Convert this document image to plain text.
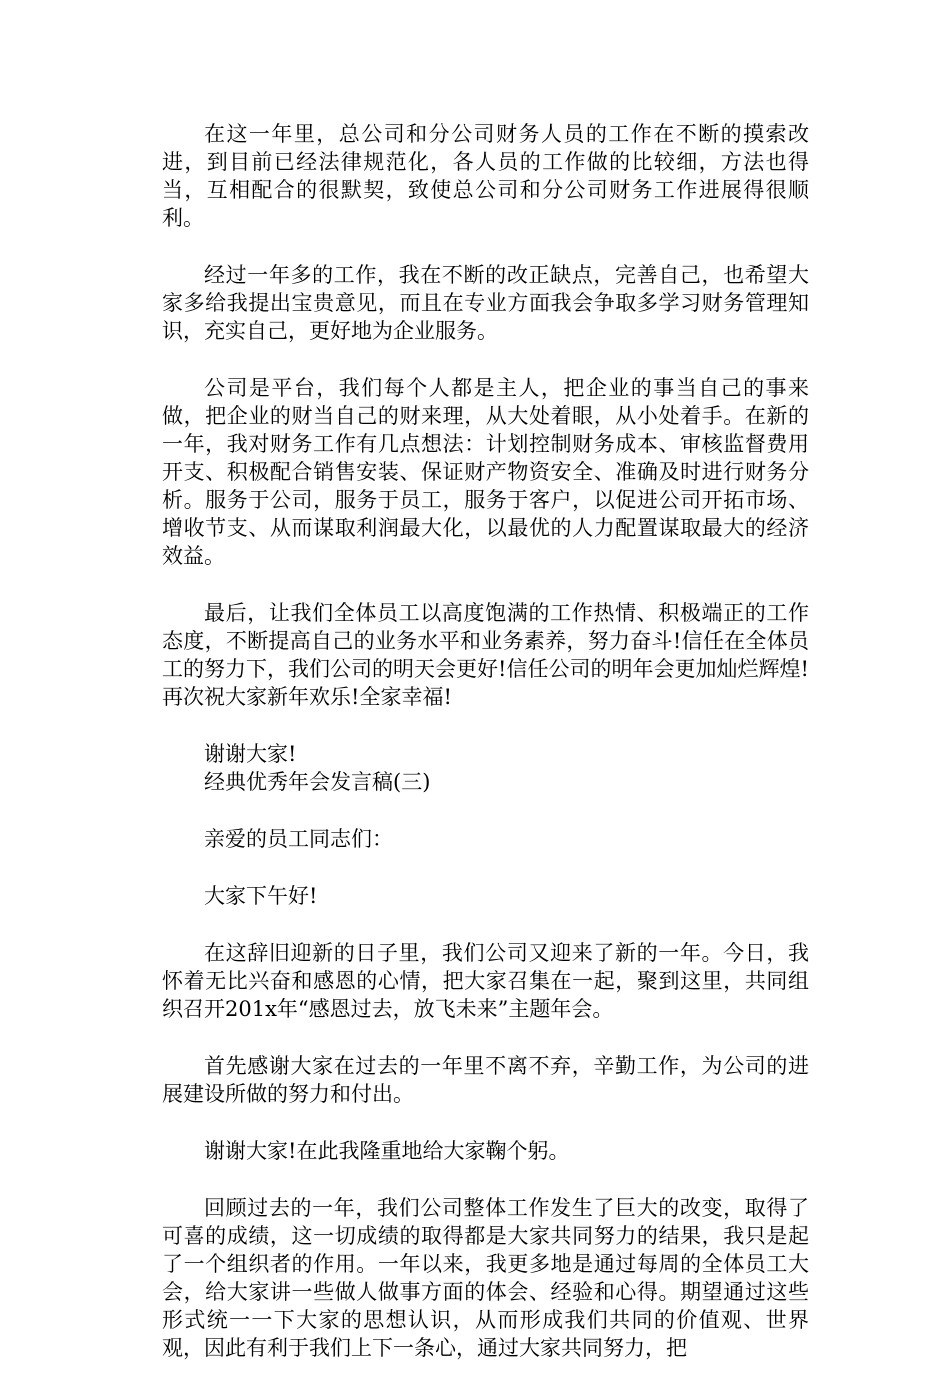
在这一年里，总公司和分公司财务人员的工作在不断的摸索改进，到目前已经法律规范化，各人员的工作做的比较细，方法也得当，互相配合的很默契，致使总公司和分公司财务工作进展得很顺利。

经过一年多的工作，我在不断的改正缺点，完善自己，也希望大家多给我提出宝贵意见，而且在专业方面我会争取多学习财务管理知识，充实自己，更好地为企业服务。

公司是平台，我们每个人都是主人，把企业的事当自己的事来做，把企业的财当自己的财来理，从大处着眼，从小处着手。在新的一年，我对财务工作有几点想法：计划控制财务成本、审核监督费用开支、积极配合销售安装、保证财产物资安全、准确及时进行财务分析。服务于公司，服务于员工，服务于客户，以促进公司开拓市场、增收节支、从而谋取利润最大化，以最优的人力配置谋取最大的经济效益。

最后，让我们全体员工以高度饱满的工作热情、积极端正的工作态度，不断提高自己的业务水平和业务素养，努力奋斗!信任在全体员工的努力下，我们公司的明天会更好!信任公司的明年会更加灿烂辉煌!再次祝大家新年欢乐!全家幸福!

谢谢大家!

经典优秀年会发言稿(三)

亲爱的员工同志们：

大家下午好!

在这辞旧迎新的日子里，我们公司又迎来了新的一年。今日，我怀着无比兴奋和感恩的心情，把大家召集在一起，聚到这里，共同组织召开201x年“感恩过去，放飞未来”主题年会。

首先感谢大家在过去的一年里不离不弃，辛勤工作，为公司的进展建设所做的努力和付出。

谢谢大家!在此我隆重地给大家鞠个躬。

回顾过去的一年，我们公司整体工作发生了巨大的改变，取得了可喜的成绩，这一切成绩的取得都是大家共同努力的结果，我只是起了一个组织者的作用。一年以来，我更多地是通过每周的全体员工大会，给大家讲一些做人做事方面的体会、经验和心得。期望通过这些形式统一一下大家的思想认识，从而形成我们共同的价值观、世界观，因此有利于我们上下一条心，通过大家共同努力，把
